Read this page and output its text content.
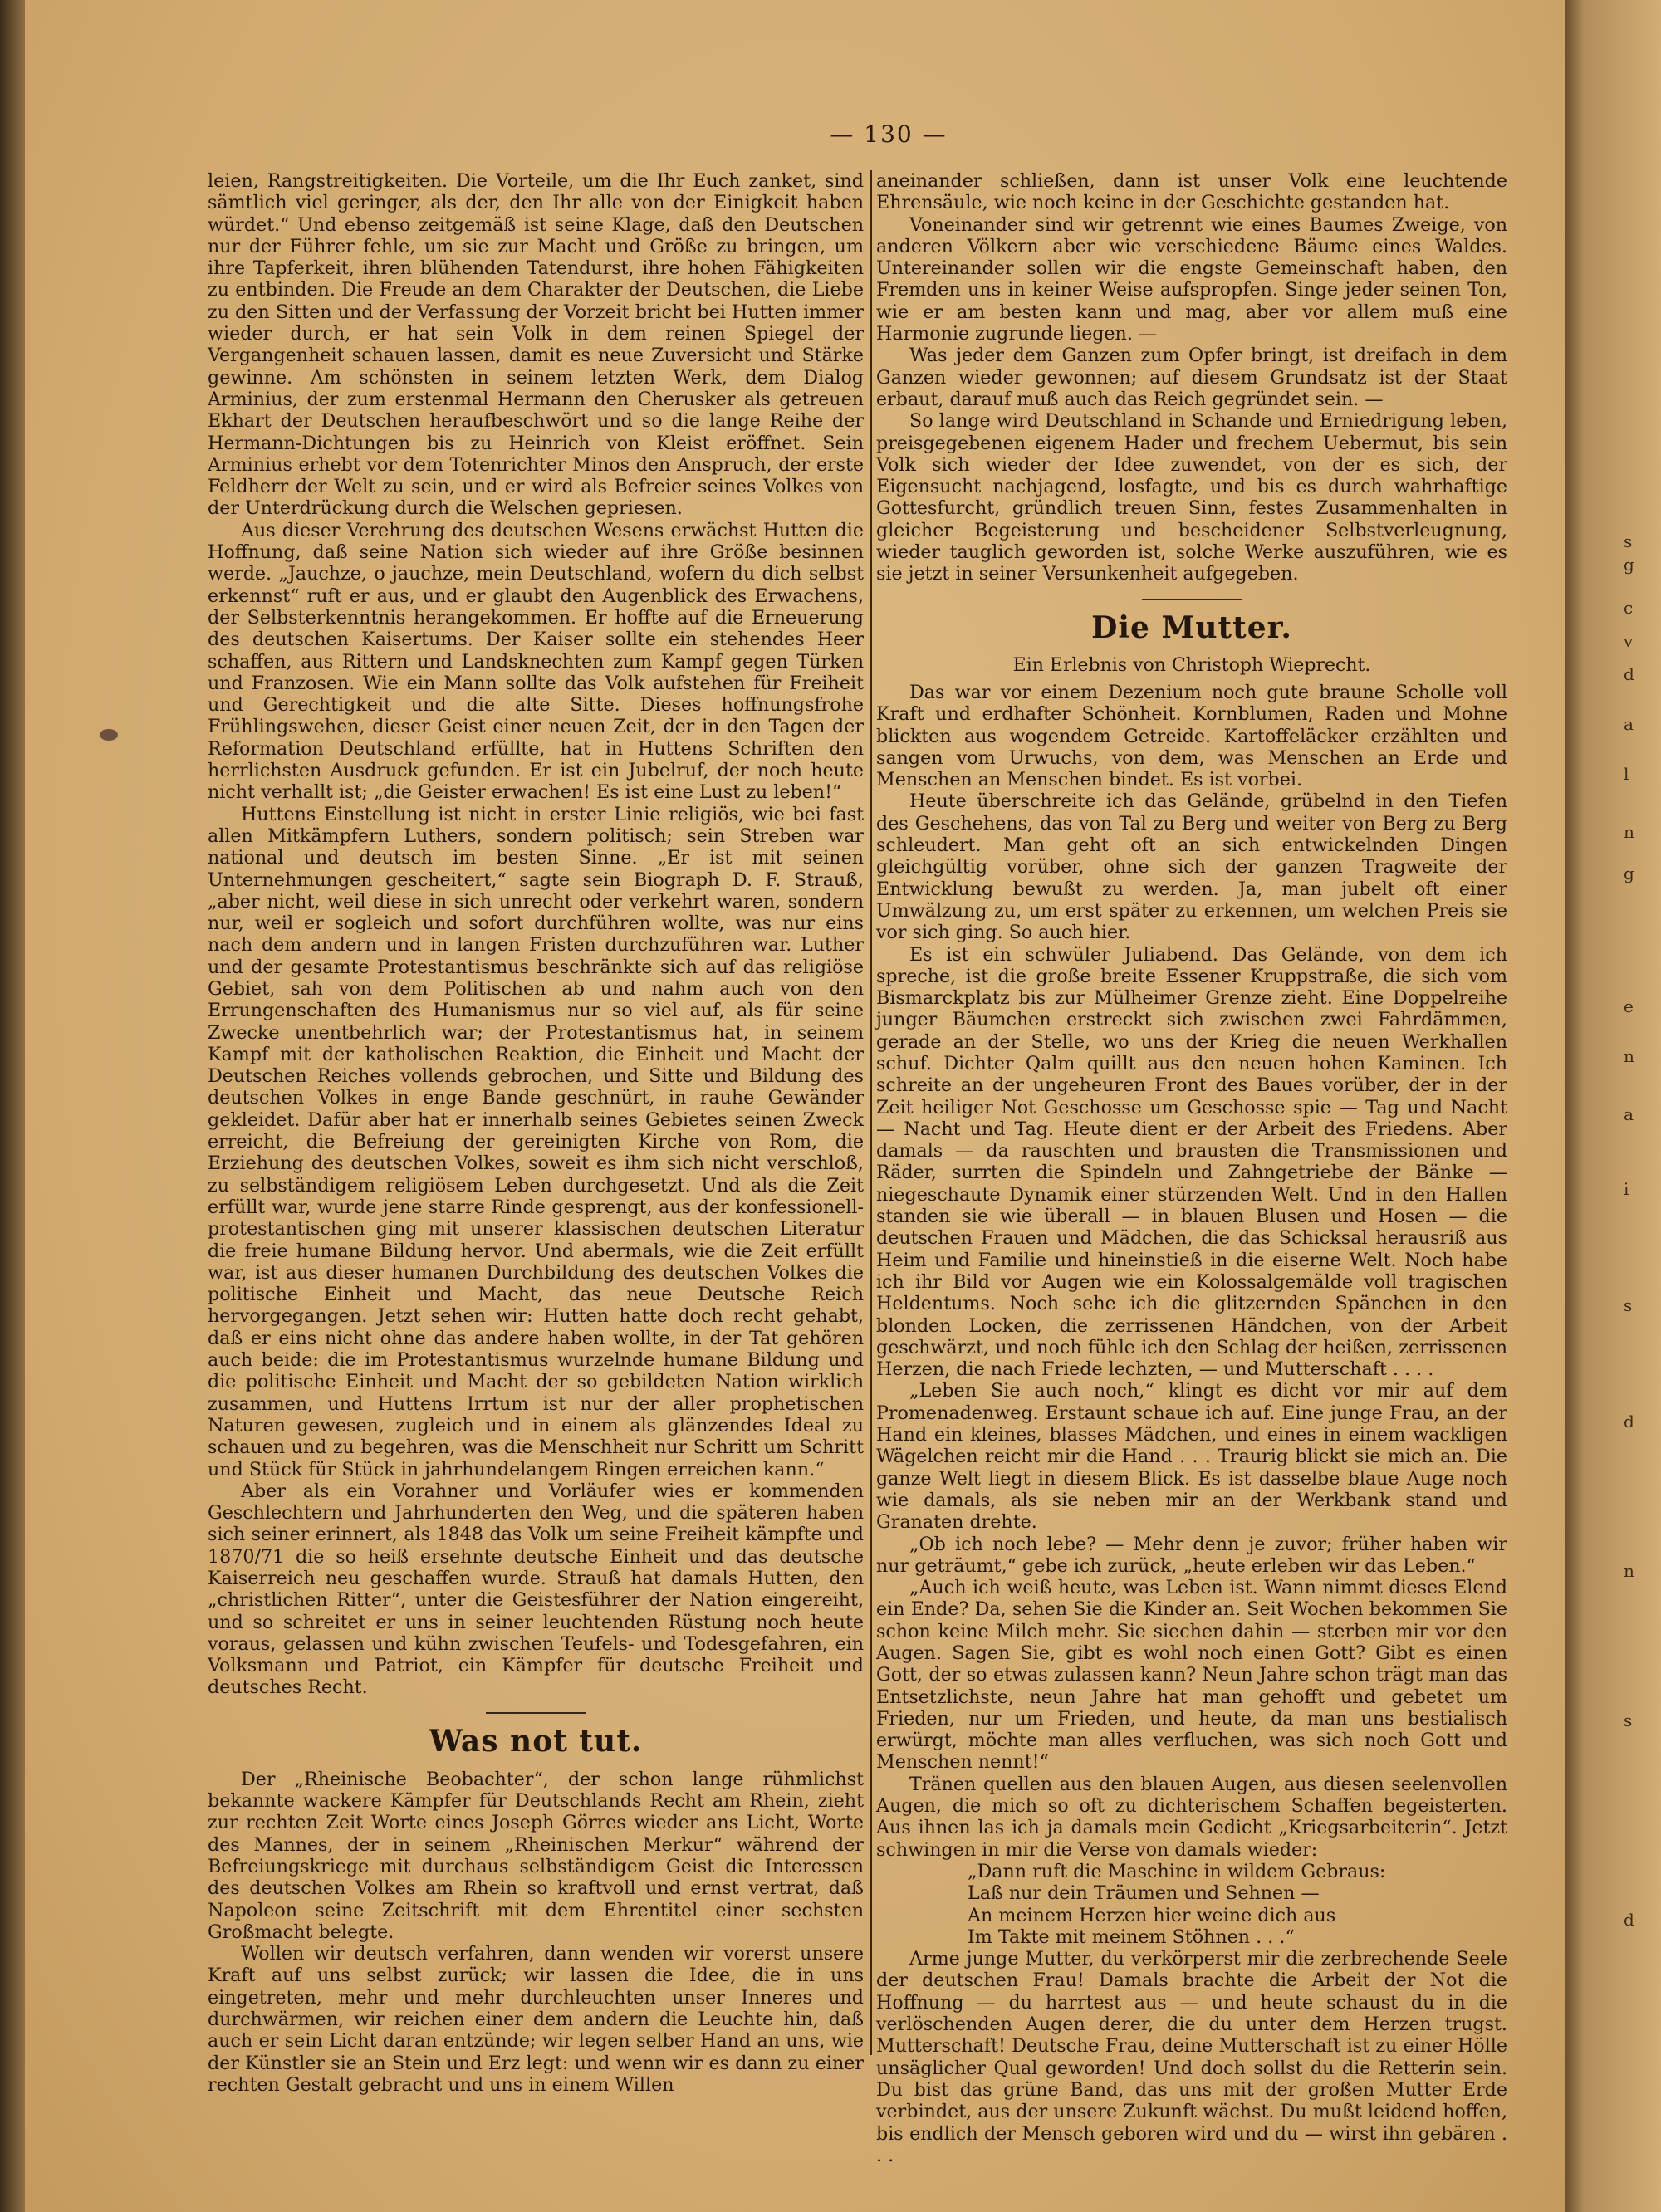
— 130 —

leien, Rangstreitigkeiten. Die Vorteile, um die Ihr Euch zanket, sind sämtlich viel geringer, als der, den Ihr alle von der Einigkeit haben würdet.“ Und ebenso zeitgemäß ist seine Klage, daß den Deutschen nur der Führer fehle, um sie zur Macht und Größe zu bringen, um ihre Tapferkeit, ihren blühenden Tatendurst, ihre hohen Fähigkeiten zu entbinden. Die Freude an dem Charakter der Deutschen, die Liebe zu den Sitten und der Verfassung der Vorzeit bricht bei Hutten immer wieder durch, er hat sein Volk in dem reinen Spiegel der Vergangenheit schauen lassen, damit es neue Zuversicht und Stärke gewinne. Am schönsten in seinem letzten Werk, dem Dialog Arminius, der zum erstenmal Hermann den Cherusker als getreuen Ekhart der Deutschen heraufbeschwört und so die lange Reihe der Hermann-Dichtungen bis zu Heinrich von Kleist eröffnet. Sein Arminius erhebt vor dem Totenrichter Minos den Anspruch, der erste Feldherr der Welt zu sein, und er wird als Befreier seines Volkes von der Unterdrückung durch die Welschen gepriesen.

Aus dieser Verehrung des deutschen Wesens erwächst Hutten die Hoffnung, daß seine Nation sich wieder auf ihre Größe besinnen werde. „Jauchze, o jauchze, mein Deutschland, wofern du dich selbst erkennst“ ruft er aus, und er glaubt den Augenblick des Erwachens, der Selbsterkenntnis herangekommen. Er hoffte auf die Erneuerung des deutschen Kaisertums. Der Kaiser sollte ein stehendes Heer schaffen, aus Rittern und Landsknechten zum Kampf gegen Türken und Franzosen. Wie ein Mann sollte das Volk aufstehen für Freiheit und Gerechtigkeit und die alte Sitte. Dieses hoffnungsfrohe Frühlingswehen, dieser Geist einer neuen Zeit, der in den Tagen der Reformation Deutschland erfüllte, hat in Huttens Schriften den herrlichsten Ausdruck gefunden. Er ist ein Jubelruf, der noch heute nicht verhallt ist; „die Geister erwachen! Es ist eine Lust zu leben!“

Huttens Einstellung ist nicht in erster Linie religiös, wie bei fast allen Mitkämpfern Luthers, sondern politisch; sein Streben war national und deutsch im besten Sinne. „Er ist mit seinen Unternehmungen gescheitert,“ sagte sein Biograph D. F. Strauß, „aber nicht, weil diese in sich unrecht oder verkehrt waren, sondern nur, weil er sogleich und sofort durchführen wollte, was nur eins nach dem andern und in langen Fristen durchzuführen war. Luther und der gesamte Protestantismus beschränkte sich auf das religiöse Gebiet, sah von dem Politischen ab und nahm auch von den Errungenschaften des Humanismus nur so viel auf, als für seine Zwecke unentbehrlich war; der Protestantismus hat, in seinem Kampf mit der katholischen Reaktion, die Einheit und Macht der Deutschen Reiches vollends gebrochen, und Sitte und Bildung des deutschen Volkes in enge Bande geschnürt, in rauhe Gewänder gekleidet. Dafür aber hat er innerhalb seines Gebietes seinen Zweck erreicht, die Befreiung der gereinigten Kirche von Rom, die Erziehung des deutschen Volkes, soweit es ihm sich nicht verschloß, zu selbständigem religiösem Leben durchgesetzt. Und als die Zeit erfüllt war, wurde jene starre Rinde gesprengt, aus der konfessionell-protestantischen ging mit unserer klassischen deutschen Literatur die freie humane Bildung hervor. Und abermals, wie die Zeit erfüllt war, ist aus dieser humanen Durchbildung des deutschen Volkes die politische Einheit und Macht, das neue Deutsche Reich hervorgegangen. Jetzt sehen wir: Hutten hatte doch recht gehabt, daß er eins nicht ohne das andere haben wollte, in der Tat gehören auch beide: die im Protestantismus wurzelnde humane Bildung und die politische Einheit und Macht der so gebildeten Nation wirklich zusammen, und Huttens Irrtum ist nur der aller prophetischen Naturen gewesen, zugleich und in einem als glänzendes Ideal zu schauen und zu begehren, was die Menschheit nur Schritt um Schritt und Stück für Stück in jahrhundelangem Ringen erreichen kann.“

Aber als ein Vorahner und Vorläufer wies er kommenden Geschlechtern und Jahrhunderten den Weg, und die späteren haben sich seiner erinnert, als 1848 das Volk um seine Freiheit kämpfte und 1870/71 die so heiß ersehnte deutsche Einheit und das deutsche Kaiserreich neu geschaffen wurde. Strauß hat damals Hutten, den „christlichen Ritter“, unter die Geistesführer der Nation eingereiht, und so schreitet er uns in seiner leuchtenden Rüstung noch heute voraus, gelassen und kühn zwischen Teufels- und Todesgefahren, ein Volksmann und Patriot, ein Kämpfer für deutsche Freiheit und deutsches Recht.

Was not tut.

Der „Rheinische Beobachter“, der schon lange rühmlichst bekannte wackere Kämpfer für Deutschlands Recht am Rhein, zieht zur rechten Zeit Worte eines Joseph Görres wieder ans Licht, Worte des Mannes, der in seinem „Rheinischen Merkur“ während der Befreiungskriege mit durchaus selbständigem Geist die Interessen des deutschen Volkes am Rhein so kraftvoll und ernst vertrat, daß Napoleon seine Zeitschrift mit dem Ehrentitel einer sechsten Großmacht belegte.

Wollen wir deutsch verfahren, dann wenden wir vorerst unsere Kraft auf uns selbst zurück; wir lassen die Idee, die in uns eingetreten, mehr und mehr durchleuchten unser Inneres und durchwärmen, wir reichen einer dem andern die Leuchte hin, daß auch er sein Licht daran entzünde; wir legen selber Hand an uns, wie der Künstler sie an Stein und Erz legt: und wenn wir es dann zu einer rechten Gestalt gebracht und uns in einem Willen

aneinander schließen, dann ist unser Volk eine leuchtende Ehrensäule, wie noch keine in der Geschichte gestanden hat.

Voneinander sind wir getrennt wie eines Baumes Zweige, von anderen Völkern aber wie verschiedene Bäume eines Waldes. Untereinander sollen wir die engste Gemeinschaft haben, den Fremden uns in keiner Weise aufspropfen. Singe jeder seinen Ton, wie er am besten kann und mag, aber vor allem muß eine Harmonie zugrunde liegen. —

Was jeder dem Ganzen zum Opfer bringt, ist dreifach in dem Ganzen wieder gewonnen; auf diesem Grundsatz ist der Staat erbaut, darauf muß auch das Reich gegründet sein. —

So lange wird Deutschland in Schande und Erniedrigung leben, preisgegebenen eigenem Hader und frechem Uebermut, bis sein Volk sich wieder der Idee zuwendet, von der es sich, der Eigensucht nachjagend, losfagte, und bis es durch wahrhaftige Gottesfurcht, gründlich treuen Sinn, festes Zusammenhalten in gleicher Begeisterung und bescheidener Selbstverleugnung, wieder tauglich geworden ist, solche Werke auszuführen, wie es sie jetzt in seiner Versunkenheit aufgegeben.

Die Mutter.
Ein Erlebnis von Christoph Wieprecht.

Das war vor einem Dezenium noch gute braune Scholle voll Kraft und erdhafter Schönheit. Kornblumen, Raden und Mohne blickten aus wogendem Getreide. Kartoffeläcker erzählten und sangen vom Urwuchs, von dem, was Menschen an Erde und Menschen an Menschen bindet. Es ist vorbei.

Heute überschreite ich das Gelände, grübelnd in den Tiefen des Geschehens, das von Tal zu Berg und weiter von Berg zu Berg schleudert. Man geht oft an sich entwickelnden Dingen gleichgültig vorüber, ohne sich der ganzen Tragweite der Entwicklung bewußt zu werden. Ja, man jubelt oft einer Umwälzung zu, um erst später zu erkennen, um welchen Preis sie vor sich ging. So auch hier.

Es ist ein schwüler Juliabend. Das Gelände, von dem ich spreche, ist die große breite Essener Kruppstraße, die sich vom Bismarckplatz bis zur Mülheimer Grenze zieht. Eine Doppelreihe junger Bäumchen erstreckt sich zwischen zwei Fahrdämmen, gerade an der Stelle, wo uns der Krieg die neuen Werkhallen schuf. Dichter Qalm quillt aus den neuen hohen Kaminen. Ich schreite an der ungeheuren Front des Baues vorüber, der in der Zeit heiliger Not Geschosse um Geschosse spie — Tag und Nacht — Nacht und Tag. Heute dient er der Arbeit des Friedens. Aber damals — da rauschten und brausten die Transmissionen und Räder, surrten die Spindeln und Zahngetriebe der Bänke — niegeschaute Dynamik einer stürzenden Welt. Und in den Hallen standen sie wie überall — in blauen Blusen und Hosen — die deutschen Frauen und Mädchen, die das Schicksal herausriß aus Heim und Familie und hineinstieß in die eiserne Welt. Noch habe ich ihr Bild vor Augen wie ein Kolossalgemälde voll tragischen Heldentums. Noch sehe ich die glitzernden Spänchen in den blonden Locken, die zerrissenen Händchen, von der Arbeit geschwärzt, und noch fühle ich den Schlag der heißen, zerrissenen Herzen, die nach Friede lechzten, — und Mutterschaft . . . .

„Leben Sie auch noch,“ klingt es dicht vor mir auf dem Promenadenweg. Erstaunt schaue ich auf. Eine junge Frau, an der Hand ein kleines, blasses Mädchen, und eines in einem wackligen Wägelchen reicht mir die Hand . . . Traurig blickt sie mich an. Die ganze Welt liegt in diesem Blick. Es ist dasselbe blaue Auge noch wie damals, als sie neben mir an der Werkbank stand und Granaten drehte.

„Ob ich noch lebe? — Mehr denn je zuvor; früher haben wir nur geträumt,“ gebe ich zurück, „heute erleben wir das Leben.“

„Auch ich weiß heute, was Leben ist. Wann nimmt dieses Elend ein Ende? Da, sehen Sie die Kinder an. Seit Wochen bekommen Sie schon keine Milch mehr. Sie siechen dahin — sterben mir vor den Augen. Sagen Sie, gibt es wohl noch einen Gott? Gibt es einen Gott, der so etwas zulassen kann? Neun Jahre schon trägt man das Entsetzlichste, neun Jahre hat man gehofft und gebetet um Frieden, nur um Frieden, und heute, da man uns bestialisch erwürgt, möchte man alles verfluchen, was sich noch Gott und Menschen nennt!“

Tränen quellen aus den blauen Augen, aus diesen seelenvollen Augen, die mich so oft zu dichterischem Schaffen begeisterten. Aus ihnen las ich ja damals mein Gedicht „Kriegsarbeiterin“. Jetzt schwingen in mir die Verse von damals wieder:

„Dann ruft die Maschine in wildem Gebraus:

Laß nur dein Träumen und Sehnen —

An meinem Herzen hier weine dich aus

Im Takte mit meinem Stöhnen . . .“

Arme junge Mutter, du verkörperst mir die zerbrechende Seele der deutschen Frau! Damals brachte die Arbeit der Not die Hoffnung — du harrtest aus — und heute schaust du in die verlöschenden Augen derer, die du unter dem Herzen trugst. Mutterschaft! Deutsche Frau, deine Mutterschaft ist zu einer Hölle unsäglicher Qual geworden! Und doch sollst du die Retterin sein. Du bist das grüne Band, das uns mit der großen Mutter Erde verbindet, aus der unsere Zukunft wächst. Du mußt leidend hoffen, bis endlich der Mensch geboren wird und du — wirst ihn gebären . . .

s
g
c
v
d
a
l
n
g
e
n
a
i
s
d
n
s
d
